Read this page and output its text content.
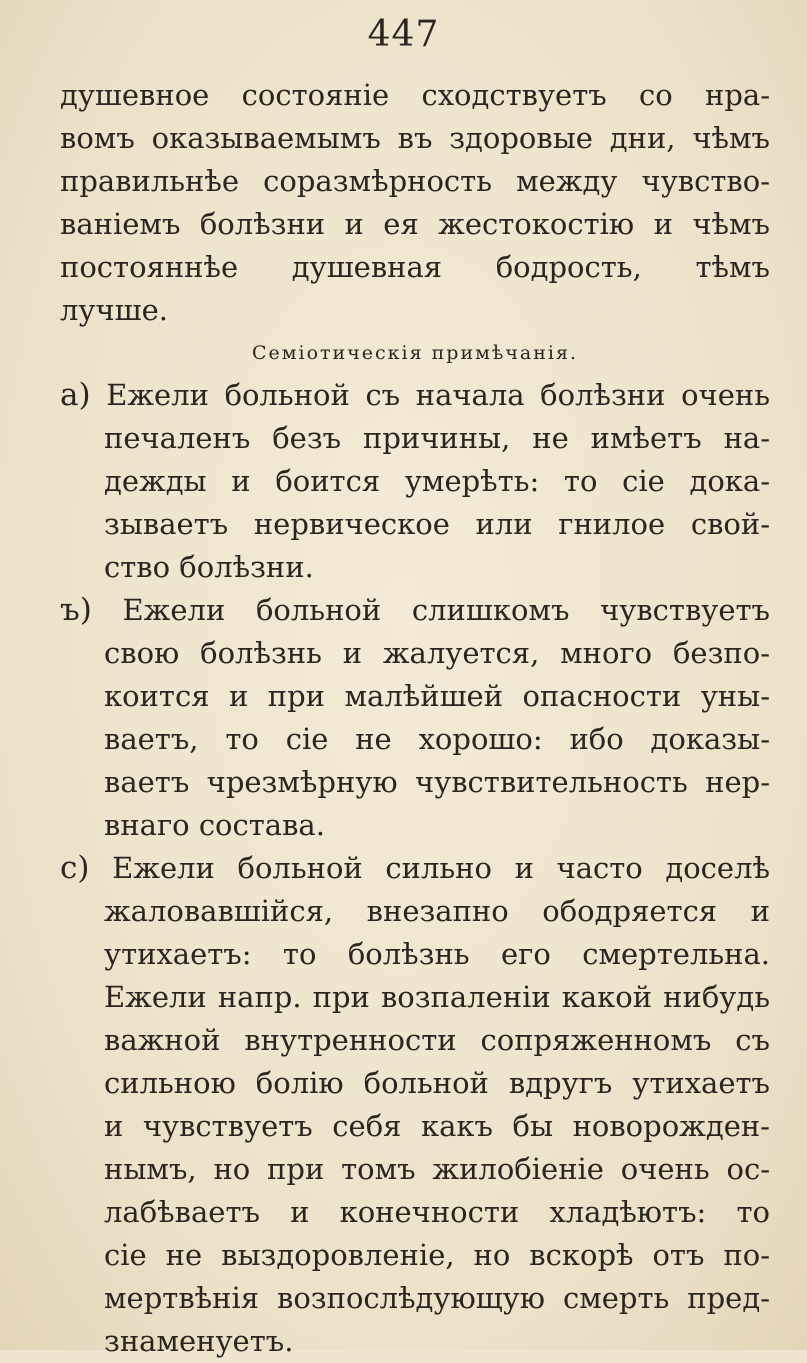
447
душевное состоянiе сходствуетъ со нра-
вомъ оказываемымъ въ здоровые дни, чѣмъ
правильнѣе соразмѣрность между чувство-
ванiемъ болѣзни и ея жестокостiю и чѣмъ
постояннѣе душевная бодрость, тѣмъ
лучше.
Семiотическiя примѣчанiя.
а) Ежели больной съ начала болѣзни очень
печаленъ безъ причины, не имѣетъ на-
дежды и боится умерѣть: то сiе дока-
зываетъ нервическое или гнилое свой-
ство болѣзни.
ъ) Ежели больной слишкомъ чувствуетъ
свою болѣзнь и жалуется, много безпо-
коится и при малѣйшей опасности уны-
ваетъ, то сiе не хорошо: ибо доказы-
ваетъ чрезмѣрную чувствительность нер-
внаго состава.
с) Ежели больной сильно и часто доселѣ
жаловавшiйся, внезапно ободряется и
утихаетъ: то болѣзнь его смертельна.
Ежели напр. при возпаленiи какой нибудь
важной внутренности сопряженномъ съ
сильною болiю больной вдругъ утихаетъ
и чувствуетъ себя какъ бы новорожден-
нымъ, но при томъ жилобiенiе очень ос-
лабѣваетъ и конечности хладѣютъ: то
сiе не выздоровленiе, но вскорѣ отъ по-
мертвѣнiя возпослѣдующую смерть пред-
знаменуетъ.
